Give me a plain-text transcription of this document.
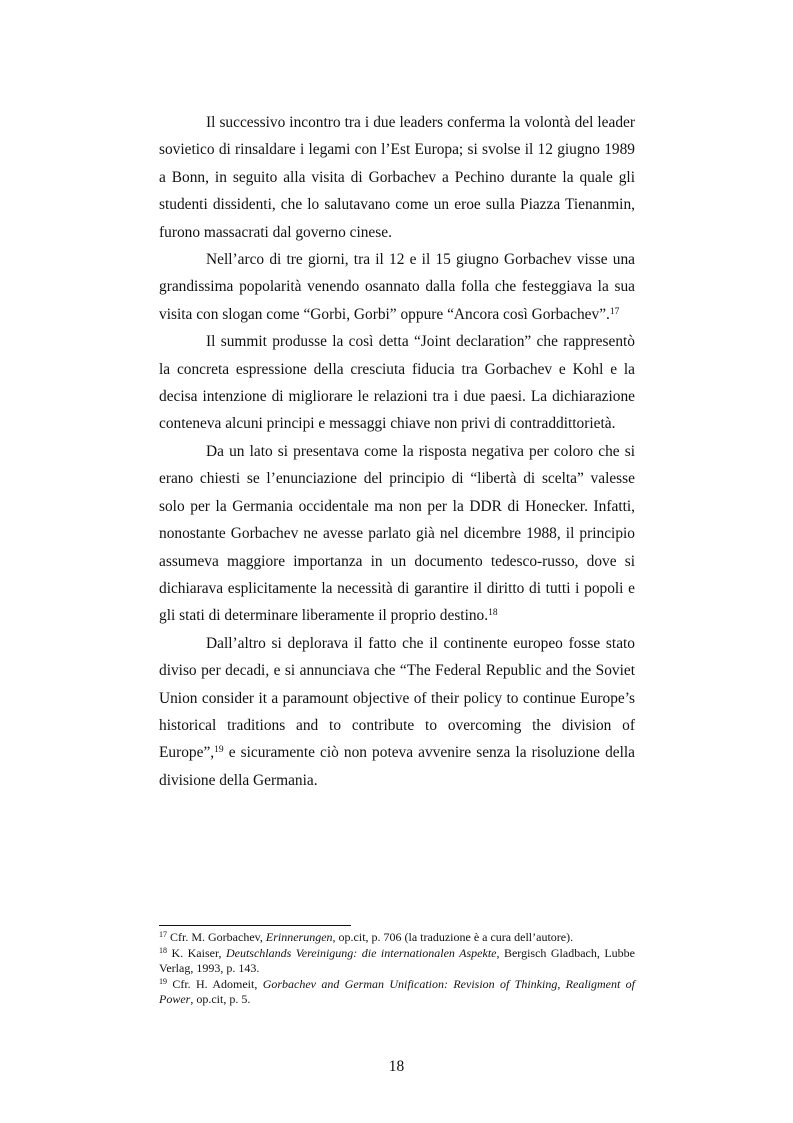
Il successivo incontro tra i due leaders conferma la volontà del leader sovietico di rinsaldare i legami con l’Est Europa; si svolse il 12 giugno 1989 a Bonn, in seguito alla visita di Gorbachev a Pechino durante la quale gli studenti dissidenti, che lo salutavano come un eroe sulla Piazza Tienanmin, furono massacrati dal governo cinese.

Nell’arco di tre giorni, tra il 12 e il 15 giugno Gorbachev visse una grandissima popolarità venendo osannato dalla folla che festeggiava la sua visita con slogan come “Gorbi, Gorbi” oppure “Ancora così Gorbachev”.$^{17}$

Il summit produsse la così detta “Joint declaration” che rappresentò la concreta espressione della cresciuta fiducia tra Gorbachev e Kohl e la decisa intenzione di migliorare le relazioni tra i due paesi. La dichiarazione conteneva alcuni principi e messaggi chiave non privi di contraddittorietà.

Da un lato si presentava come la risposta negativa per coloro che si erano chiesti se l’enunciazione del principio di “libertà di scelta” valesse solo per la Germania occidentale ma non per la DDR di Honecker. Infatti, nonostante Gorbachev ne avesse parlato già nel dicembre 1988, il principio assumeva maggiore importanza in un documento tedesco-russo, dove si dichiarava esplicitamente la necessità di garantire il diritto di tutti i popoli e gli stati di determinare liberamente il proprio destino.$^{18}$

Dall’altro si deplorava il fatto che il continente europeo fosse stato diviso per decadi, e si annunciava che “The Federal Republic and the Soviet Union consider it a paramount objective of their policy to continue Europe’s historical traditions and to contribute to overcoming the division of Europe”,$^{19}$ e sicuramente ciò non poteva avvenire senza la risoluzione della divisione della Germania.

$^{17}$ Cfr. M. Gorbachev, Erinnerungen, op.cit, p. 706 (la traduzione è a cura dell’autore).

$^{18}$ K. Kaiser, Deutschlands Vereinigung: die internationalen Aspekte, Bergisch Gladbach, Lubbe Verlag, 1993, p. 143.

$^{19}$ Cfr. H. Adomeit, Gorbachev and German Unification: Revision of Thinking, Realigment of Power, op.cit, p. 5.

18
